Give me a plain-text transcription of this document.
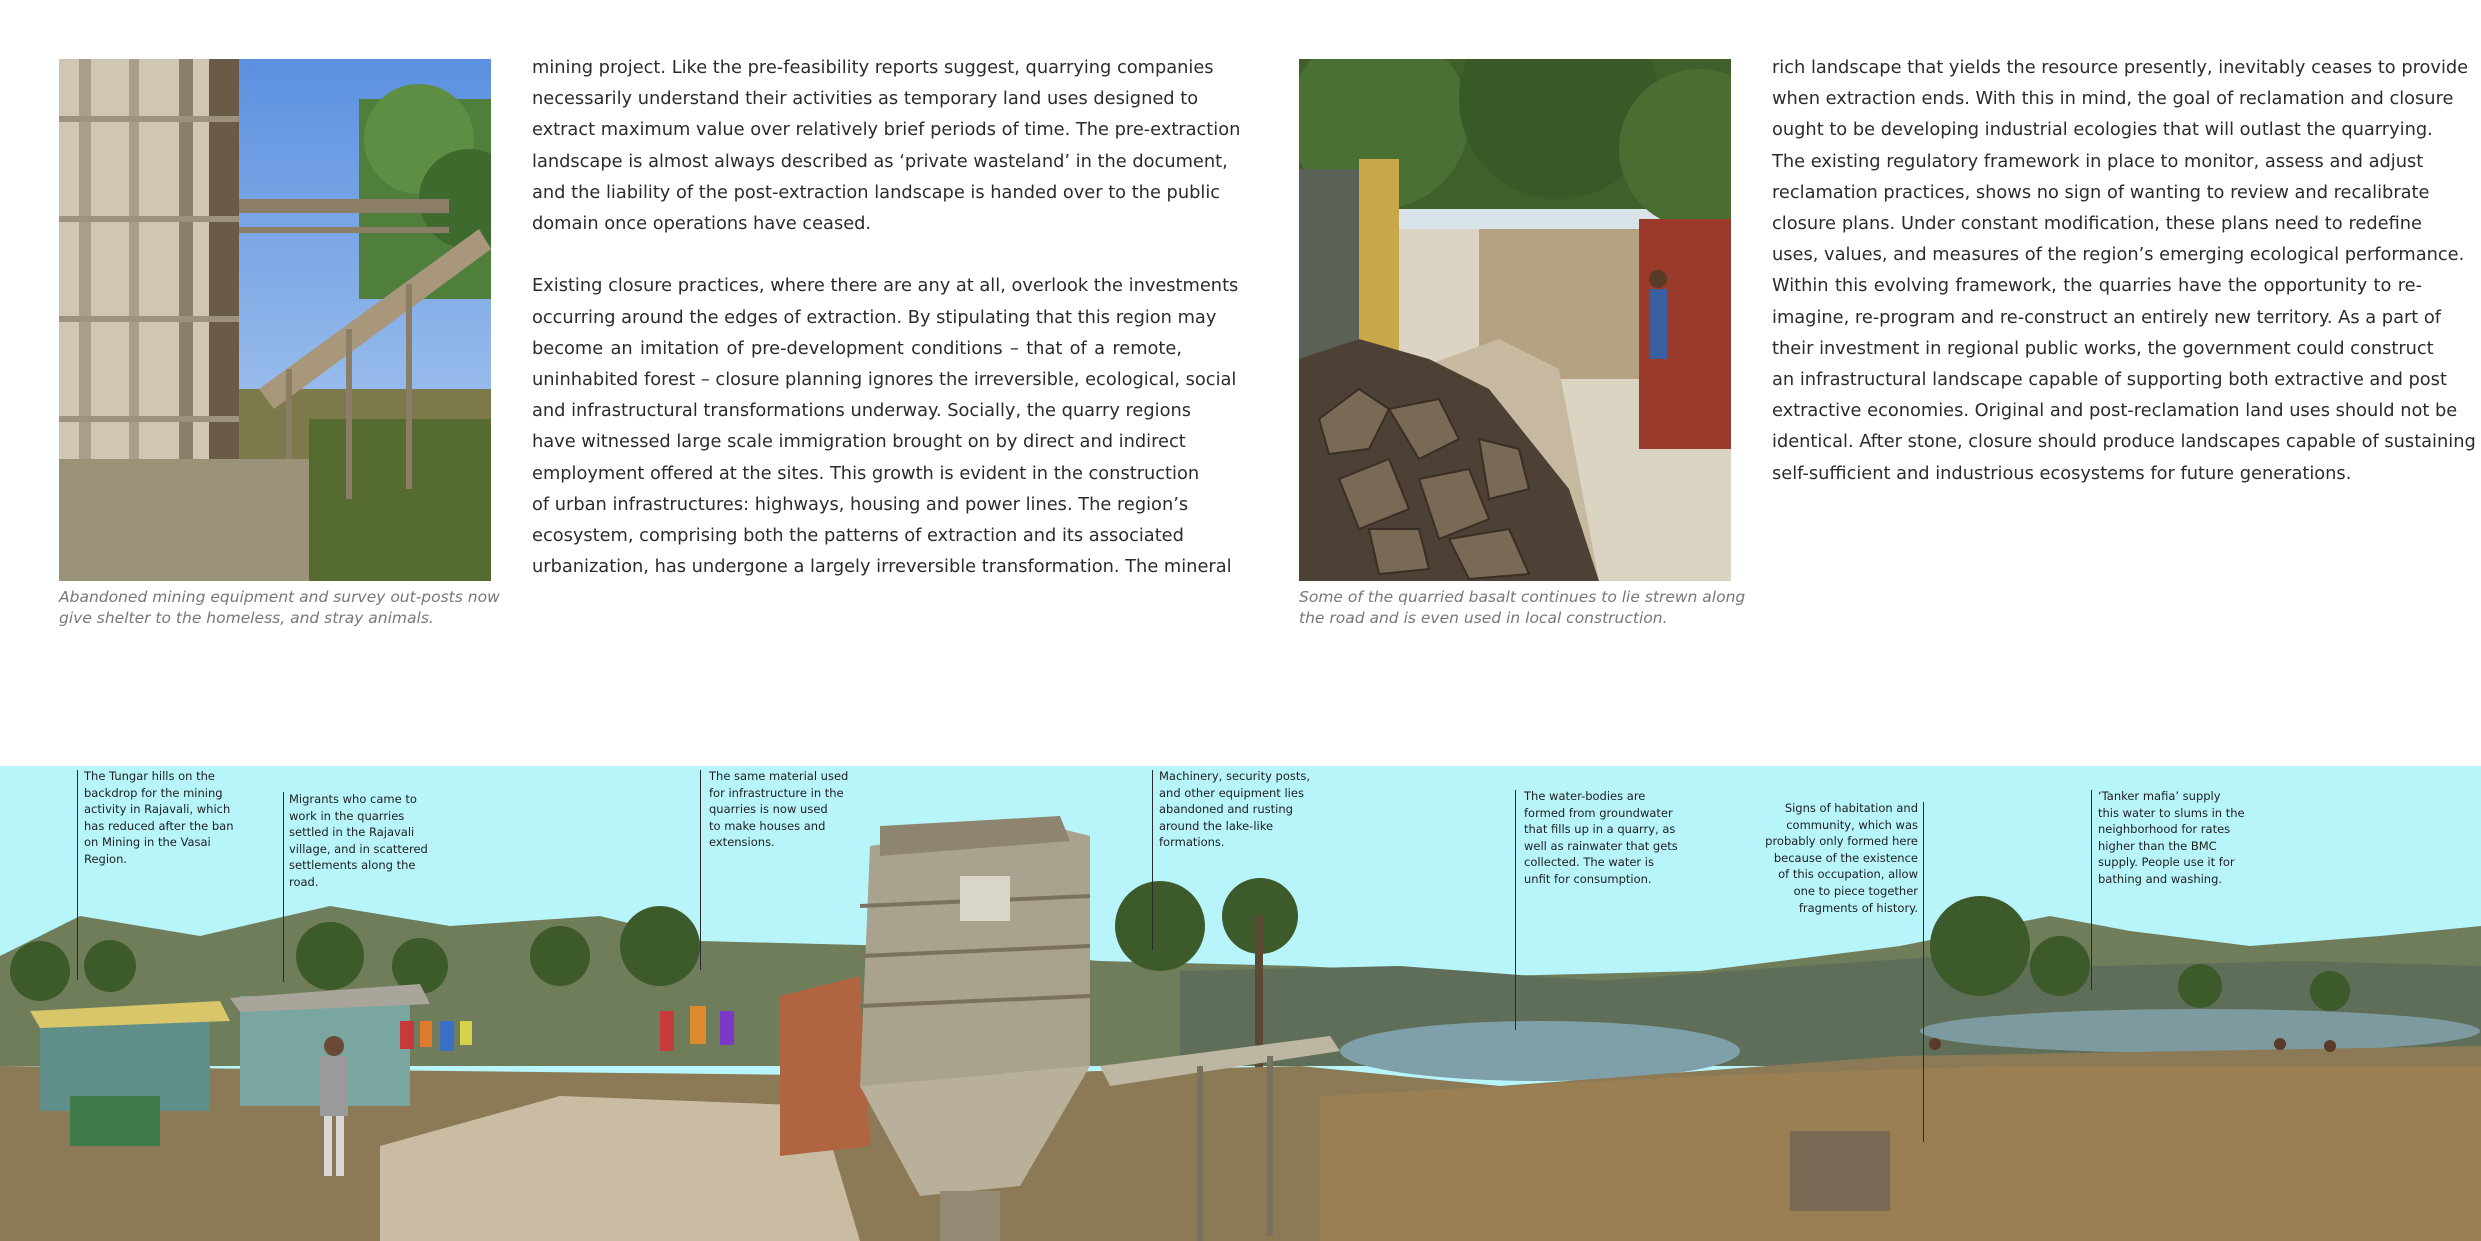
Abandoned mining equipment and survey out-posts now
give shelter to the homeless, and stray animals.

mining project. Like the pre-feasibility reports suggest, quarrying companies
necessarily understand their activities as temporary land uses designed to
extract maximum value over relatively brief periods of time. The pre-extraction
landscape is almost always described as ‘private wasteland’ in the document,
and the liability of the post-extraction landscape is handed over to the public
domain once operations have ceased.

Existing closure practices, where there are any at all, overlook the investments
occurring around the edges of extraction. By stipulating that this region may
become an imitation of pre-development conditions – that of a remote,
uninhabited forest – closure planning ignores the irreversible, ecological, social
and infrastructural transformations underway. Socially, the quarry regions
have witnessed large scale immigration brought on by direct and indirect
employment offered at the sites. This growth is evident in the construction
of urban infrastructures: highways, housing and power lines. The region’s
ecosystem, comprising both the patterns of extraction and its associated
urbanization, has undergone a largely irreversible transformation. The mineral

Some of the quarried basalt continues to lie strewn along
the road and is even used in local construction.

rich landscape that yields the resource presently, inevitably ceases to provide
when extraction ends. With this in mind, the goal of reclamation and closure
ought to be developing industrial ecologies that will outlast the quarrying.
The existing regulatory framework in place to monitor, assess and adjust
reclamation practices, shows no sign of wanting to review and recalibrate
closure plans. Under constant modification, these plans need to redefine
uses, values, and measures of the region’s emerging ecological performance.
Within this evolving framework, the quarries have the opportunity to re-
imagine, re-program and re-construct an entirely new territory. As a part of
their investment in regional public works, the government could construct
an infrastructural landscape capable of supporting both extractive and post
extractive economies. Original and post-reclamation land uses should not be
identical. After stone, closure should produce landscapes capable of sustaining
self-sufficient and industrious ecosystems for future generations.

The Tungar hills on the
backdrop for the mining
activity in Rajavali, which
has reduced after the ban
on Mining in the Vasai
Region.
Migrants who came to
work in the quarries
settled in the Rajavali
village, and in scattered
settlements along the
road.
The same material used
for infrastructure in the
quarries is now used
to make houses and
extensions.
Machinery, security posts,
and other equipment lies
abandoned and rusting
around the lake-like
formations.
The water-bodies are
formed from groundwater
that fills up in a quarry, as
well as rainwater that gets
collected. The water is
unfit for consumption.
Signs of habitation and
community, which was
probably only formed here
because of the existence
of this occupation, allow
one to piece together
fragments of history.
‘Tanker mafia’ supply
this water to slums in the
neighborhood for rates
higher than the BMC
supply. People use it for
bathing and washing.
